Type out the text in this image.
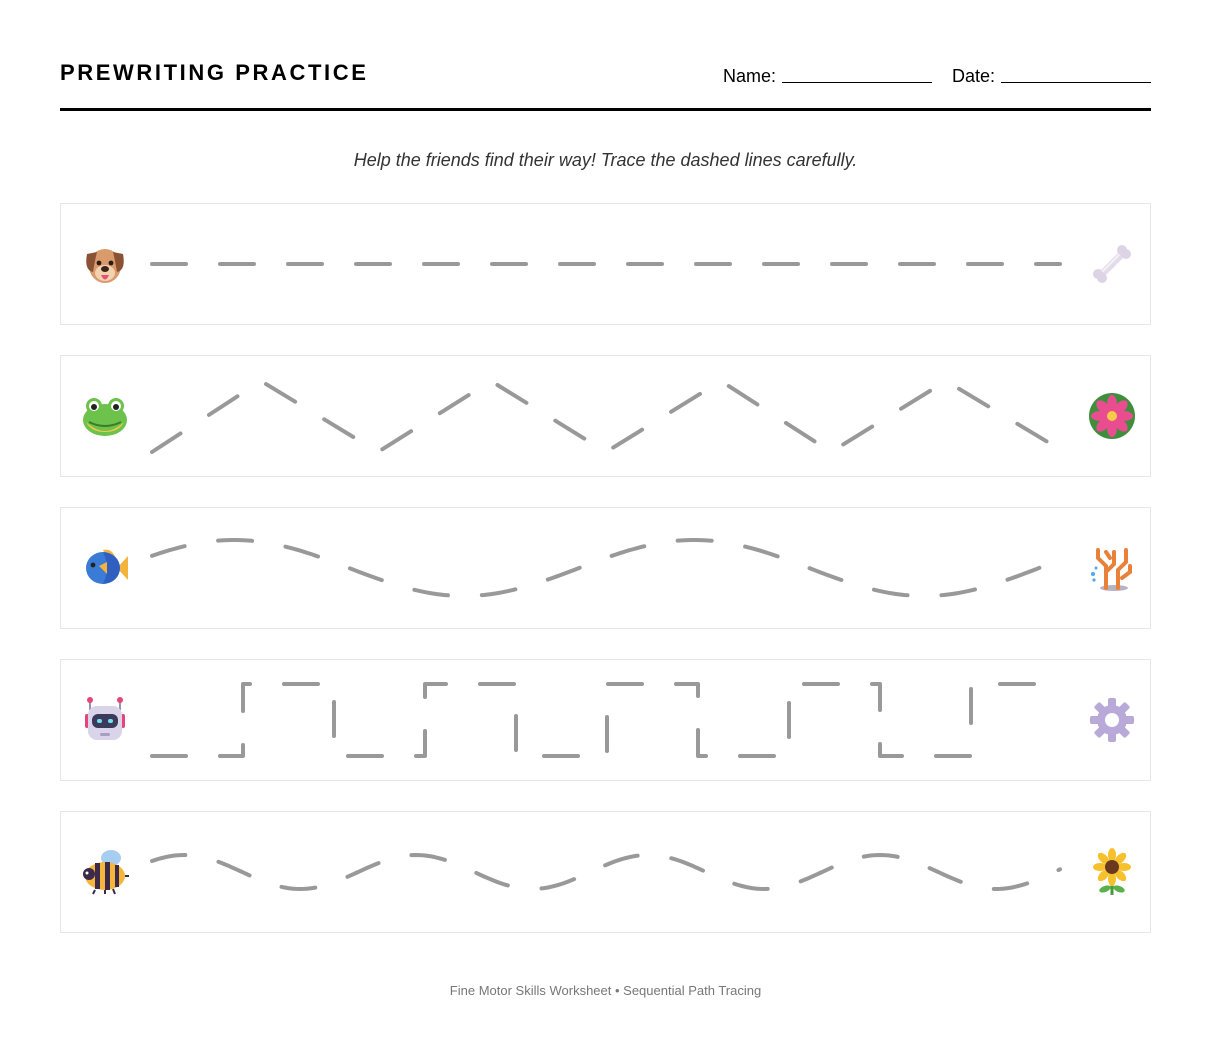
PREWRITING PRACTICE	Name:	Date:
Help the friends find their way! Trace the dashed lines carefully.
Fine Motor Skills Worksheet • Sequential Path Tracing
